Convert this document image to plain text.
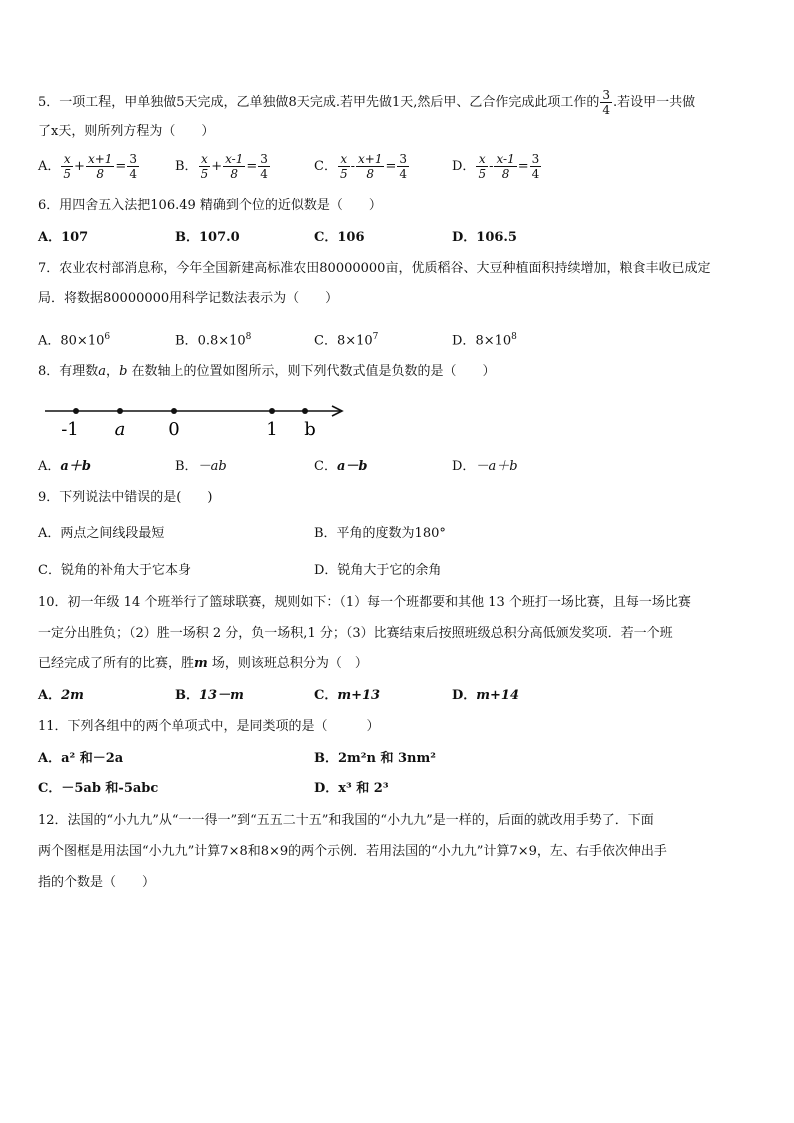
5．一项工程，甲单独做5天完成，乙单独做8天完成.若甲先做1天,然后甲、乙合作完成此项工作的 $\frac{3}{4}$ .若设甲一共做
了x天，则所列方程为（　　）
A． $\frac{x}{5} + \frac{x+1}{8} = \frac{3}{4}$	B． $\frac{x}{5} + \frac{x-1}{8} = \frac{3}{4}$	C． $\frac{x}{5} - \frac{x+1}{8} = \frac{3}{4}$	D． $\frac{x}{5} - \frac{x-1}{8} = \frac{3}{4}$
6．用四舍五入法把106.49 精确到个位的近似数是（　　）
A．107	B．107.0	C．106	D．106.5
7．农业农村部消息称，今年全国新建高标准农田80000000亩，优质稻谷、大豆种植面积持续增加，粮食丰收已成定
局．将数据80000000用科学记数法表示为（　　）
A．$80\times 10^6$	B．$0.8\times 10^8$	C．$8\times 10^7$	D．$8\times 10^8$
8．有理数a，b 在数轴上的位置如图所示，则下列代数式值是负数的是（　　）
-1 a 0	1 b
A．a＋b	B．－ab	C．a－b	D．－a＋b
9．下列说法中错误的是(　　)
A．两点之间线段最短	B．平角的度数为180°
C．锐角的补角大于它本身	D．锐角大于它的余角
10．初一年级 14 个班举行了篮球联赛，规则如下：（1）每一个班都要和其他 13 个班打一场比赛，且每一场比赛
一定分出胜负；（2）胜一场积 2 分，负一场积,1 分；（3）比赛结束后按照班级总积分高低颁发奖项．若一个班
已经完成了所有的比赛，胜m 场，则该班总积分为（　）
A．2m	B．13－m	C．m+13	D．m+14
11．下列各组中的两个单项式中，是同类项的是（　　　）
A．a² 和－2a	B．2m²n 和 3nm²
C．－5ab 和-5abc	D．x³ 和 2³
12．法国的“小九九”从“一一得一”到“五五二十五”和我国的“小九九”是一样的，后面的就改用手势了．下面
两个图框是用法国“小九九”计算7×8和8×9的两个示例．若用法国的“小九九”计算7×9，左、右手依次伸出手
指的个数是（　　）
